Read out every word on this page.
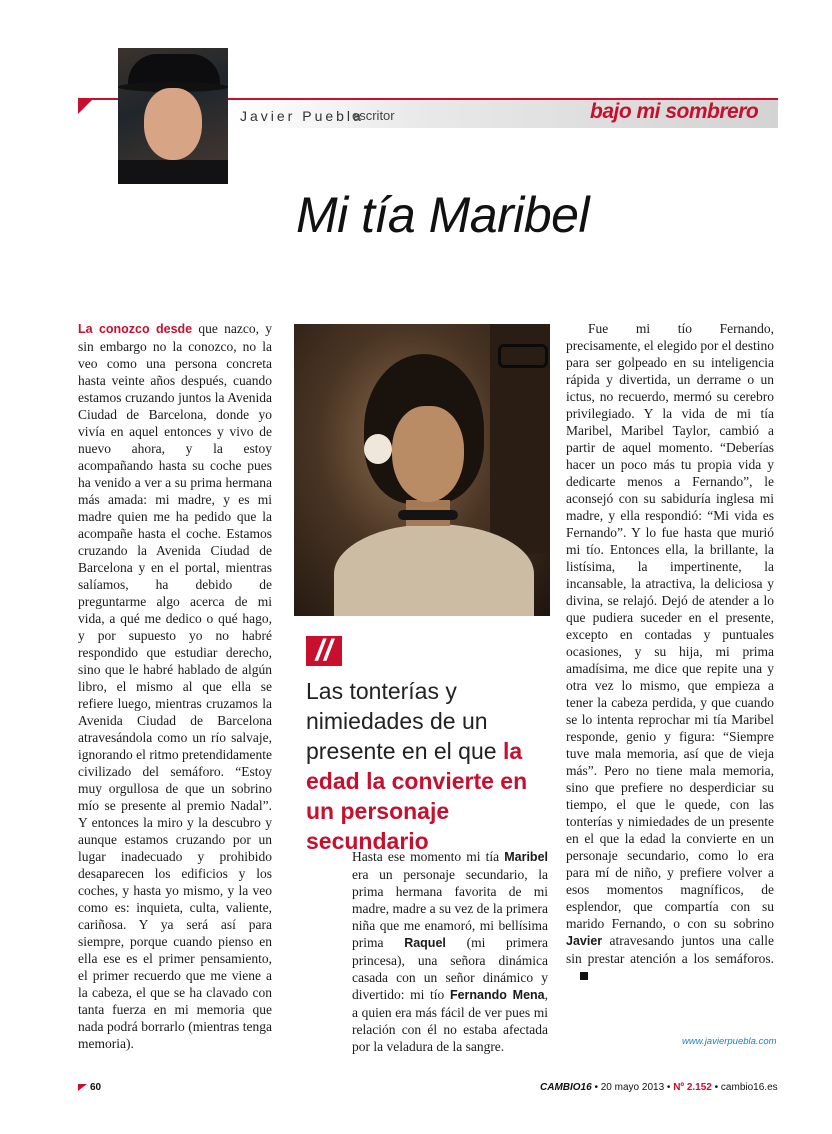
Javier Puebla
escritor	bajo mi sombrero
Mi tía Maribel
La conozco desde que nazco, y sin embargo no la conozco, no la veo como una persona concreta hasta veinte años después, cuando estamos cruzando juntos la Avenida Ciudad de Barcelona, donde yo vivía en aquel entonces y vivo de nuevo ahora, y la estoy acompañando hasta su coche pues ha venido a ver a su prima hermana más amada: mi madre, y es mi madre quien me ha pedido que la acompañe hasta el coche. Estamos cruzando la Avenida Ciudad de Barcelona y en el portal, mientras salíamos, ha debido de preguntarme algo acerca de mi vida, a qué me dedico o qué hago, y por supuesto yo no habré respondido que estudiar derecho, sino que le habré hablado de algún libro, el mismo al que ella se refiere luego, mientras cruzamos la Avenida Ciudad de Barcelona atravesándola como un río salvaje, ignorando el ritmo pretendidamente civilizado del semáforo. “Estoy muy orgullosa de que un sobrino mío se presente al premio Nadal”. Y entonces la miro y la descubro y aunque estamos cruzando por un lugar inadecuado y prohibido desaparecen los edificios y los coches, y hasta yo mismo, y la veo como es: inquieta, culta, valiente, cariñosa. Y ya será así para siempre, porque cuando pienso en ella ese es el primer pensamiento, el primer recuerdo que me viene a la cabeza, el que se ha clavado con tanta fuerza en mi memoria que nada podrá borrarlo (mientras tenga memoria).
//
Las tonterías y nimiedades de un presente en el que la edad la convierte en un personaje secundario
Hasta ese momento mi tía Maribel era un personaje secundario, la prima hermana favorita de mi madre, madre a su vez de la primera niña que me enamoró, mi bellísima prima Raquel (mi primera princesa), una señora dinámica casada con un señor dinámico y divertido: mi tío Fernando Mena, a quien era más fácil de ver pues mi relación con él no estaba afectada por la veladura de la sangre.
Fue mi tío Fernando, precisamente, el elegido por el destino para ser golpeado en su inteligencia rápida y divertida, un derrame o un ictus, no recuerdo, mermó su cerebro privilegiado. Y la vida de mi tía Maribel, Maribel Taylor, cambió a partir de aquel momento. “Deberías hacer un poco más tu propia vida y dedicarte menos a Fernando”, le aconsejó con su sabiduría inglesa mi madre, y ella respondió: “Mi vida es Fernando”. Y lo fue hasta que murió mi tío. Entonces ella, la brillante, la listísima, la impertinente, la incansable, la atractiva, la deliciosa y divina, se relajó. Dejó de atender a lo que pudiera suceder en el presente, excepto en contadas y puntuales ocasiones, y su hija, mi prima amadísima, me dice que repite una y otra vez lo mismo, que empieza a tener la cabeza perdida, y que cuando se lo intenta reprochar mi tía Maribel responde, genio y figura: “Siempre tuve mala memoria, así que de vieja más”. Pero no tiene mala memoria, sino que prefiere no desperdiciar su tiempo, el que le quede, con las tonterías y nimiedades de un presente en el que la edad la convierte en un personaje secundario, como lo era para mí de niño, y prefiere volver a esos momentos magníficos, de esplendor, que compartía con su marido Fernando, o con su sobrino Javier atravesando juntos una calle sin prestar atención a los semáforos.
www.javierpuebla.com
60	CAMBIO16 • 20 mayo 2013 • Nº 2.152 • cambio16.es
